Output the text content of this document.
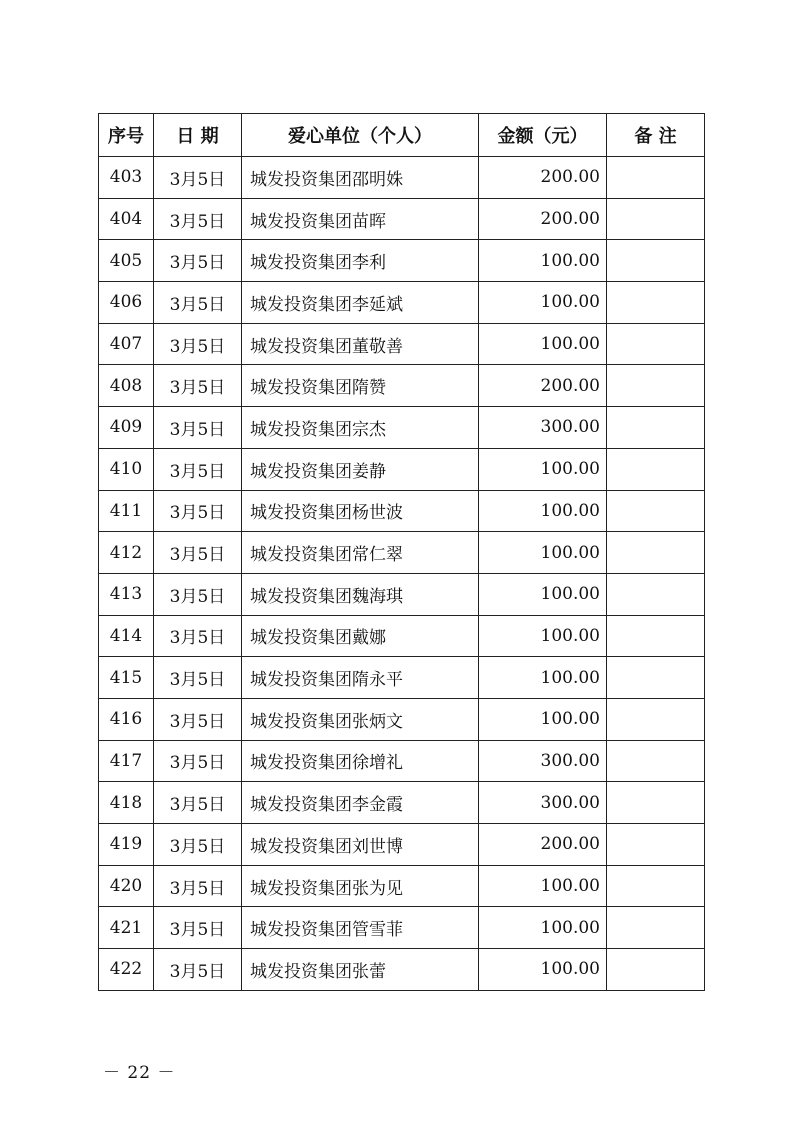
序号	日 期	爱心单位（个人）	金额（元）	备 注
403	3月5日	城发投资集团邵明姝	200.00	
404	3月5日	城发投资集团苗晖	200.00	
405	3月5日	城发投资集团李利	100.00	
406	3月5日	城发投资集团李延斌	100.00	
407	3月5日	城发投资集团董敬善	100.00	
408	3月5日	城发投资集团隋赞	200.00	
409	3月5日	城发投资集团宗杰	300.00	
410	3月5日	城发投资集团姜静	100.00	
411	3月5日	城发投资集团杨世波	100.00	
412	3月5日	城发投资集团常仁翠	100.00	
413	3月5日	城发投资集团魏海琪	100.00	
414	3月5日	城发投资集团戴娜	100.00	
415	3月5日	城发投资集团隋永平	100.00	
416	3月5日	城发投资集团张炳文	100.00	
417	3月5日	城发投资集团徐增礼	300.00	
418	3月5日	城发投资集团李金霞	300.00	
419	3月5日	城发投资集团刘世博	200.00	
420	3月5日	城发投资集团张为见	100.00	
421	3月5日	城发投资集团管雪菲	100.00	
422	3月5日	城发投资集团张蕾	100.00	
－ 22 －
